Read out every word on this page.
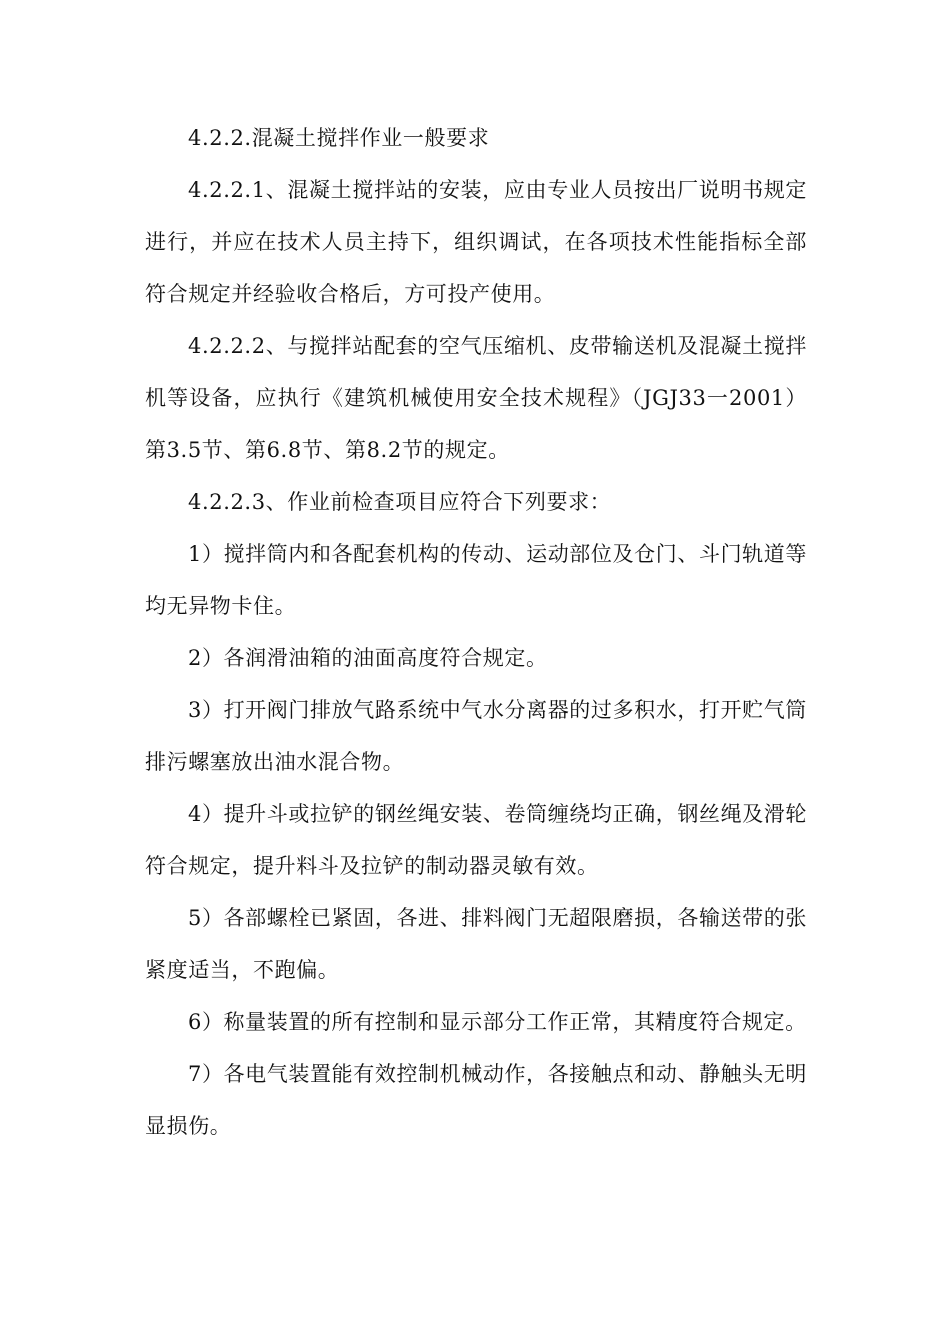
4.2.2.混凝土搅拌作业一般要求

4.2.2.1、混凝土搅拌站的安装，应由专业人员按出厂说明书规定进行，并应在技术人员主持下，组织调试，在各项技术性能指标全部符合规定并经验收合格后，方可投产使用。

4.2.2.2、与搅拌站配套的空气压缩机、皮带输送机及混凝土搅拌机等设备，应执行《建筑机械使用安全技术规程》（JGJ33一2001）第3.5节、第6.8节、第8.2节的规定。

4.2.2.3、作业前检查项目应符合下列要求：

1）搅拌筒内和各配套机构的传动、运动部位及仓门、斗门轨道等均无异物卡住。

2）各润滑油箱的油面高度符合规定。

3）打开阀门排放气路系统中气水分离器的过多积水，打开贮气筒排污螺塞放出油水混合物。

4）提升斗或拉铲的钢丝绳安装、卷筒缠绕均正确，钢丝绳及滑轮符合规定，提升料斗及拉铲的制动器灵敏有效。

5）各部螺栓已紧固，各进、排料阀门无超限磨损，各输送带的张紧度适当，不跑偏。

6）称量装置的所有控制和显示部分工作正常，其精度符合规定。

7）各电气装置能有效控制机械动作，各接触点和动、静触头无明显损伤。
